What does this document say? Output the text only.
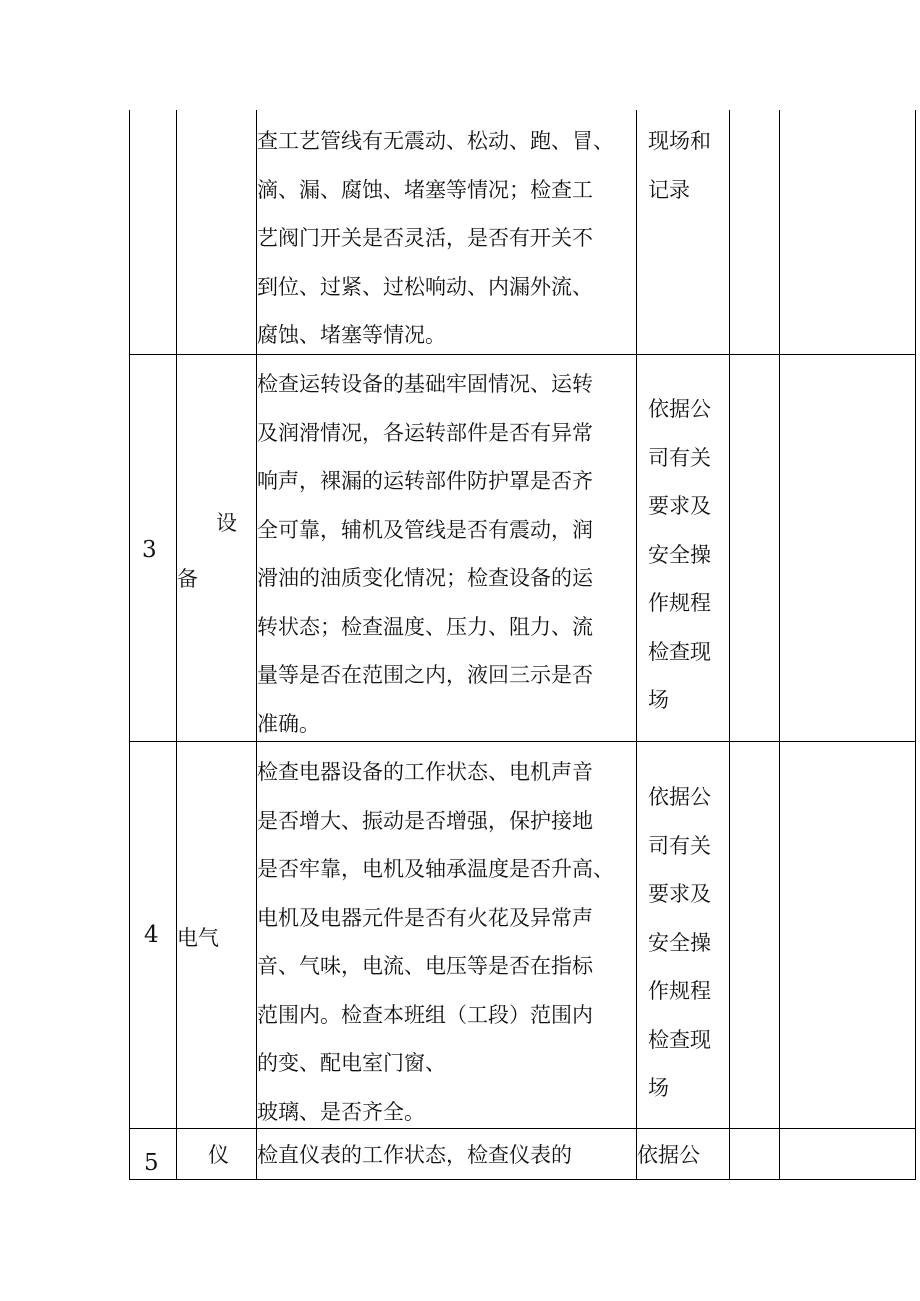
查工艺管线有无震动、松动、跑、冒、
滴、漏、腐蚀、堵塞等情况；检查工
艺阀门开关是否灵活，是否有开关不
到位、过紧、过松响动、内漏外流、
腐蚀、堵塞等情况。
现场和 记录
3
设
备
检查运转设备的基础牢固情况、运转
及润滑情况，各运转部件是否有异常
响声，裸漏的运转部件防护罩是否齐
全可靠，辅机及管线是否有震动，润
滑油的油质变化情况；检查设备的运
转状态；检查温度、压力、阻力、流
量等是否在范围之内，液回三示是否
准确。
依据公 司有关 要求及 安全操 作规程 检查现 场
4 电气
检查电器设备的工作状态、电机声音
是否增大、振动是否增强，保护接地
是否牢靠，电机及轴承温度是否升高、
电机及电器元件是否有火花及异常声
音、气味，电流、电压等是否在指标
范围内。检查本班组（工段）范围内
的变、配电室门窗、
玻璃、是否齐全。
依据公 司有关 要求及 安全操 作规程 检查现 场
5 仪 检直仪表的工作状态，检查仪表的	依据公
